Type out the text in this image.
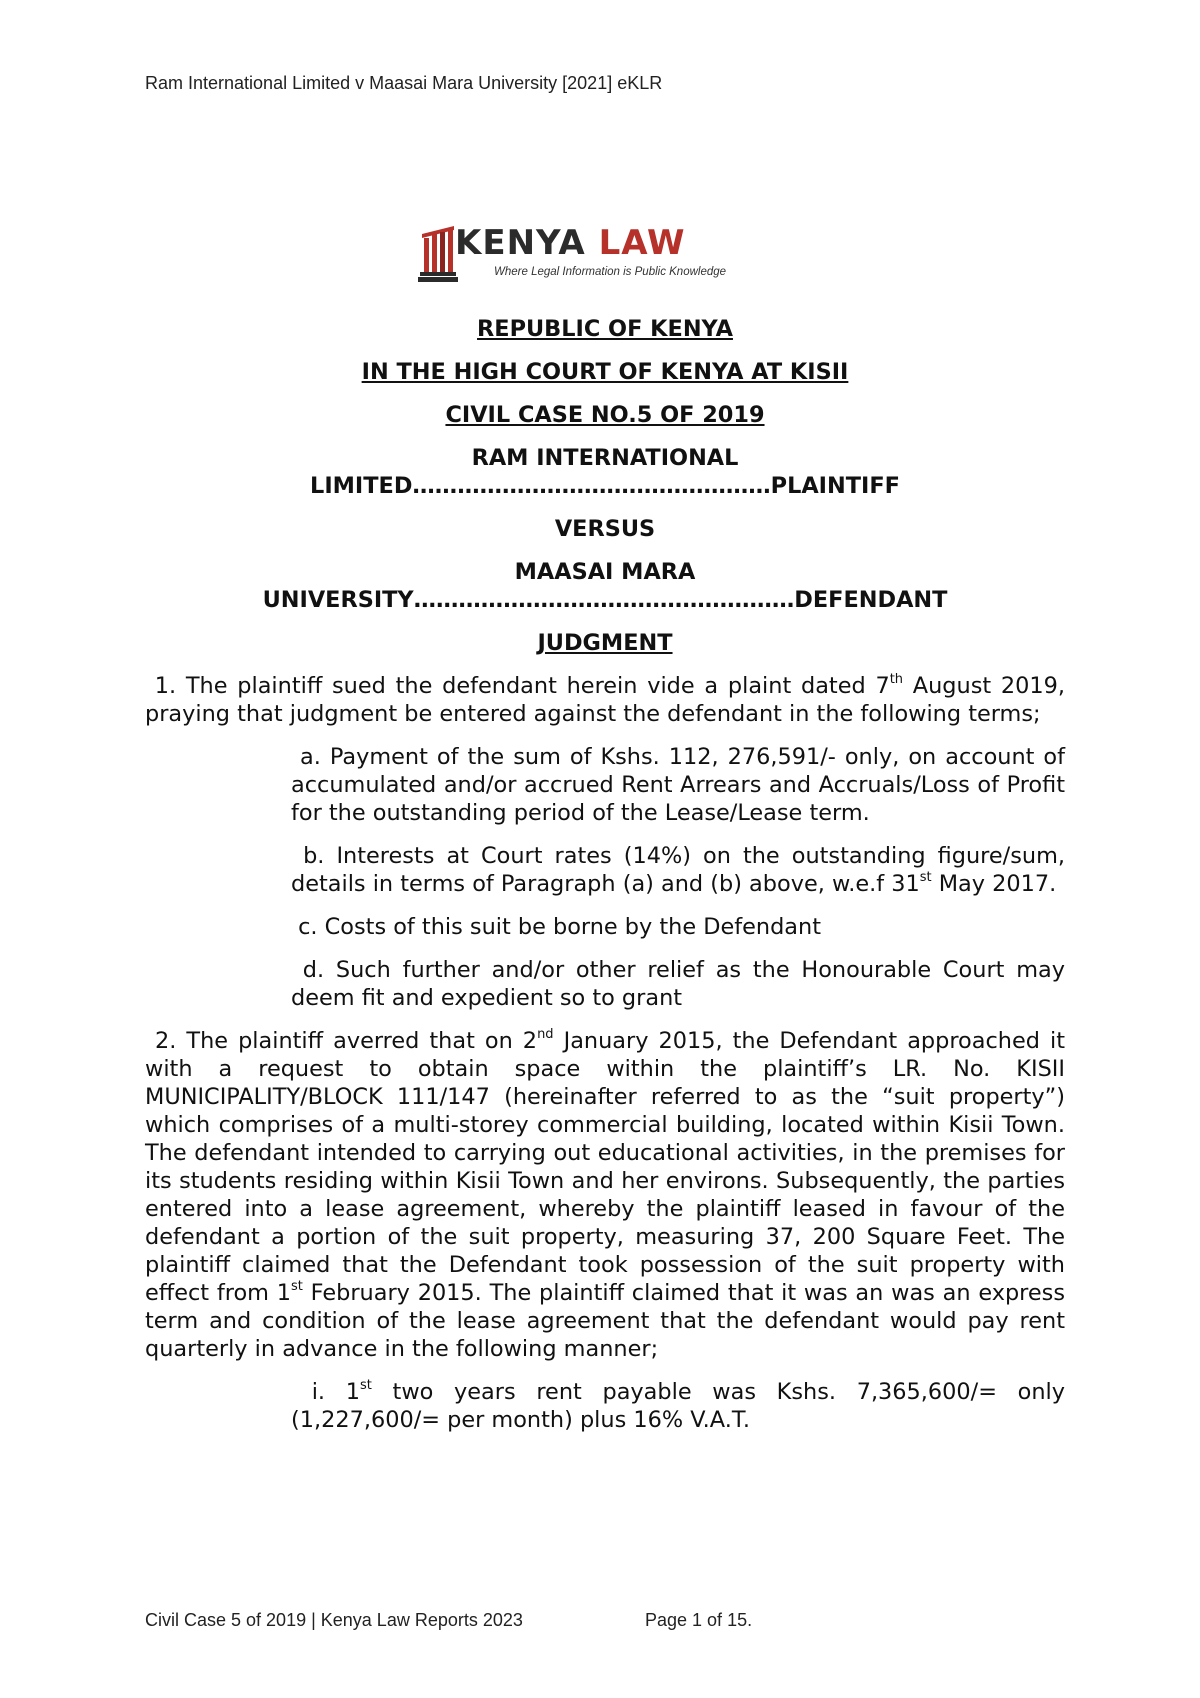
Ram International Limited v Maasai Mara University [2021] eKLR
KENYA LAW
Where Legal Information is Public Knowledge
REPUBLIC OF KENYA
IN THE HIGH COURT OF KENYA AT KISII
CIVIL CASE NO.5 OF 2019
RAM INTERNATIONAL
LIMITED…………………………………………PLAINTIFF
VERSUS
MAASAI MARA
UNIVERSITY……………………………………………DEFENDANT
JUDGMENT

1. The plaintiff sued the defendant herein vide a plaint dated 7th August 2019, praying that judgment be entered against the defendant in the following terms;

a. Payment of the sum of Kshs. 112, 276,591/- only, on account of accumulated and/or accrued Rent Arrears and Accruals/Loss of Profit for the outstanding period of the Lease/Lease term.

b. Interests at Court rates (14%) on the outstanding figure/sum, details in terms of Paragraph (a) and (b) above, w.e.f 31st May 2017.

c. Costs of this suit be borne by the Defendant

d. Such further and/or other relief as the Honourable Court may deem fit and expedient so to grant

2. The plaintiff averred that on 2nd January 2015, the Defendant approached it with a request to obtain space within the plaintiff’s LR. No. KISII MUNICIPALITY/BLOCK 111/147 (hereinafter referred to as the “suit property”) which comprises of a multi-storey commercial building, located within Kisii Town. The defendant intended to carrying out educational activities, in the premises for its students residing within Kisii Town and her environs. Subsequently, the parties entered into a lease agreement, whereby the plaintiff leased in favour of the defendant a portion of the suit property, measuring 37, 200 Square Feet. The plaintiff claimed that the Defendant took possession of the suit property with effect from 1st February 2015. The plaintiff claimed that it was an was an express term and condition of the lease agreement that the defendant would pay rent quarterly in advance in the following manner;

i. 1st two years rent payable was Kshs. 7,365,600/= only (1,227,600/= per month) plus 16% V.A.T.

Civil Case 5 of 2019 | Kenya Law Reports 2023	Page 1 of 15.
